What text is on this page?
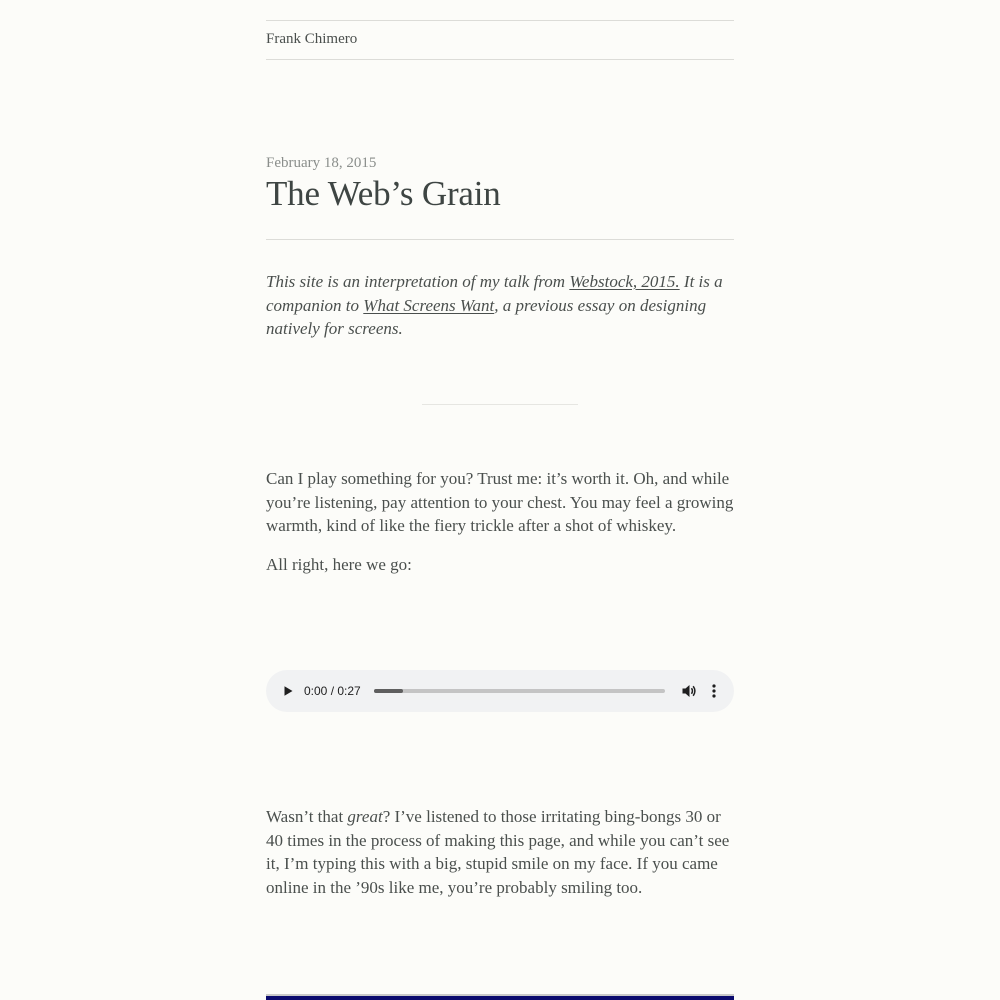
Frank Chimero

February 18, 2015

The Web’s Grain

This site is an interpretation of my talk from Webstock, 2015. It is a companion to What Screens Want, a previous essay on designing natively for screens.

Can I play something for you? Trust me: it’s worth it. Oh, and while you’re listening, pay attention to your chest. You may feel a growing warmth, kind of like the fiery trickle after a shot of whiskey.

All right, here we go:

0:00 / 0:27

Wasn’t that great? I’ve listened to those irritating bing-bongs 30 or 40 times in the process of making this page, and while you can’t see it, I’m typing this with a big, stupid smile on my face. If you came online in the ’90s like me, you’re probably smiling too.
